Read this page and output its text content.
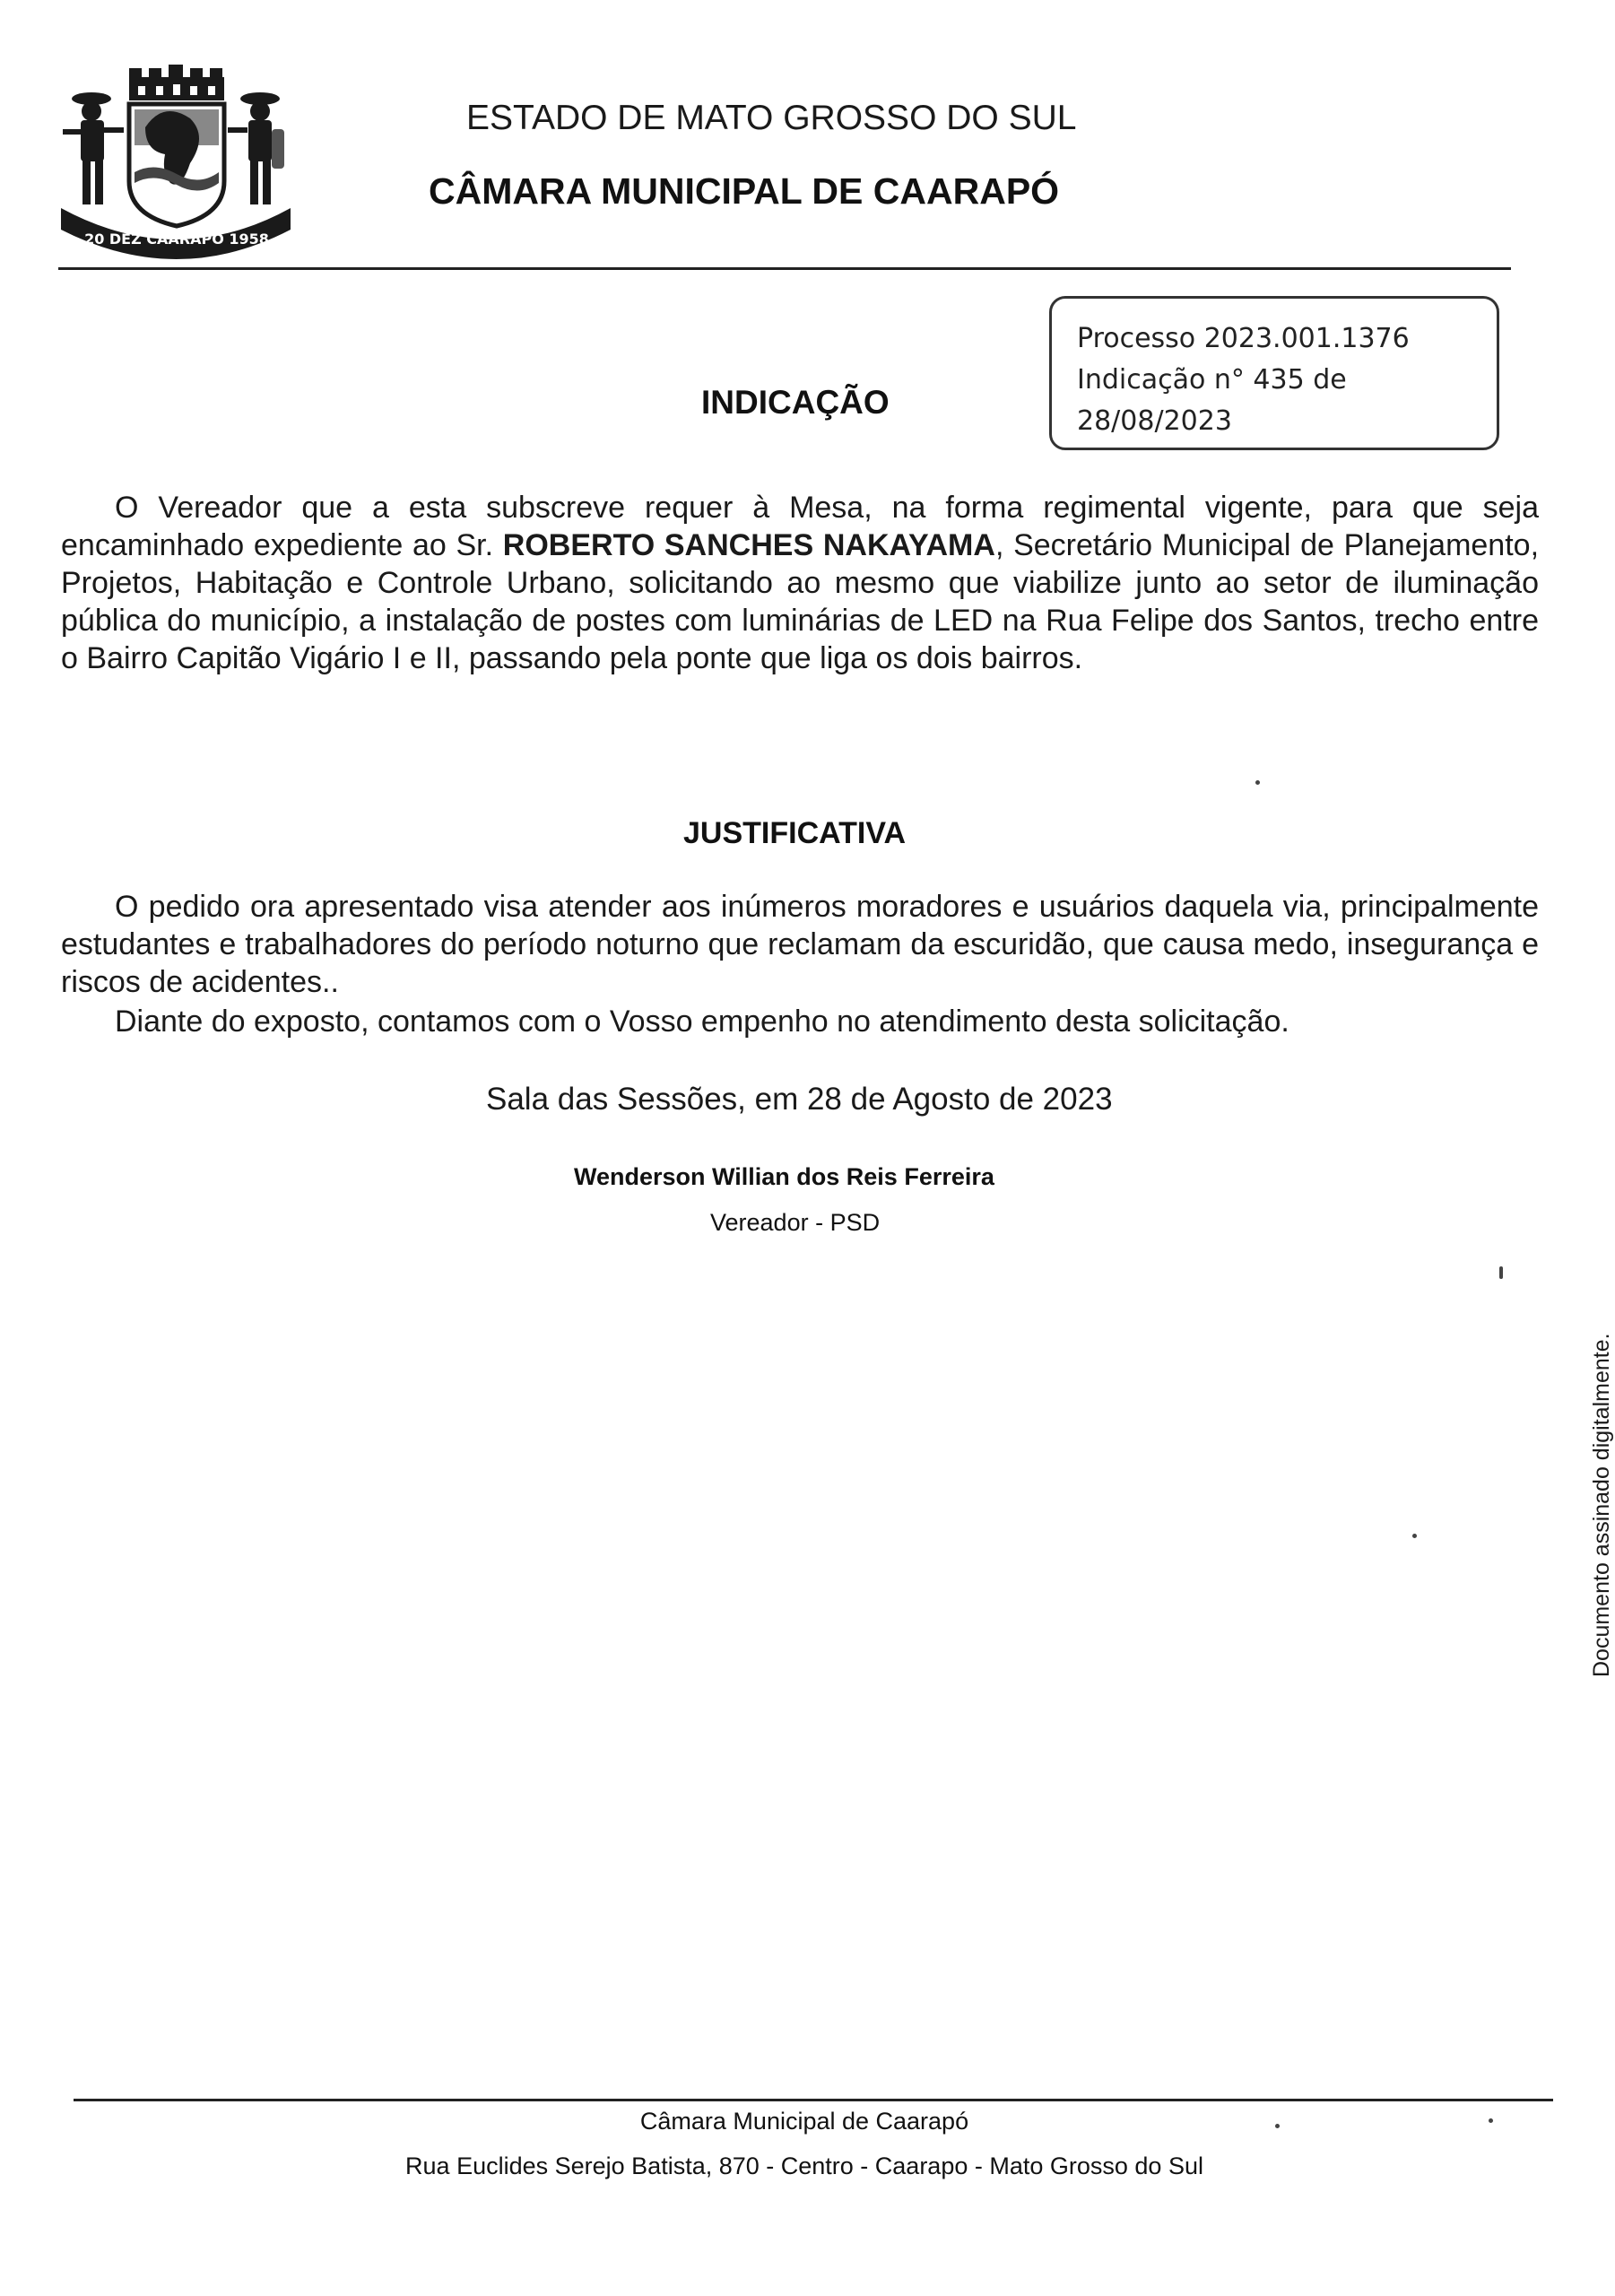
20 DEZ CAARAPÓ 1958
ESTADO DE MATO GROSSO DO SUL
CÂMARA MUNICIPAL DE CAARAPÓ
Processo 2023.001.1376
Indicação n° 435 de
28/08/2023
INDICAÇÃO

O Vereador que a esta subscreve requer à Mesa, na forma regimental vigente, para que seja encaminhado expediente ao Sr. ROBERTO SANCHES NAKAYAMA, Secretário Municipal de Planejamento, Projetos, Habitação e Controle Urbano, solicitando ao mesmo que viabilize junto ao setor de iluminação pública do município, a instalação de postes com luminárias de LED na Rua Felipe dos Santos, trecho entre o Bairro Capitão Vigário I e II, passando pela ponte que liga os dois bairros.

JUSTIFICATIVA

O pedido ora apresentado visa atender aos inúmeros moradores e usuários daquela via, principalmente estudantes e trabalhadores do período noturno que reclamam da escuridão, que causa medo, insegurança e riscos de acidentes..

Diante do exposto, contamos com o Vosso empenho no atendimento desta solicitação.

Sala das Sessões, em 28 de Agosto de 2023
Wenderson Willian dos Reis Ferreira
Vereador - PSD
Documento assinado digitalmente.
Câmara Municipal de Caarapó
Rua Euclides Serejo Batista, 870 - Centro - Caarapo - Mato Grosso do Sul
